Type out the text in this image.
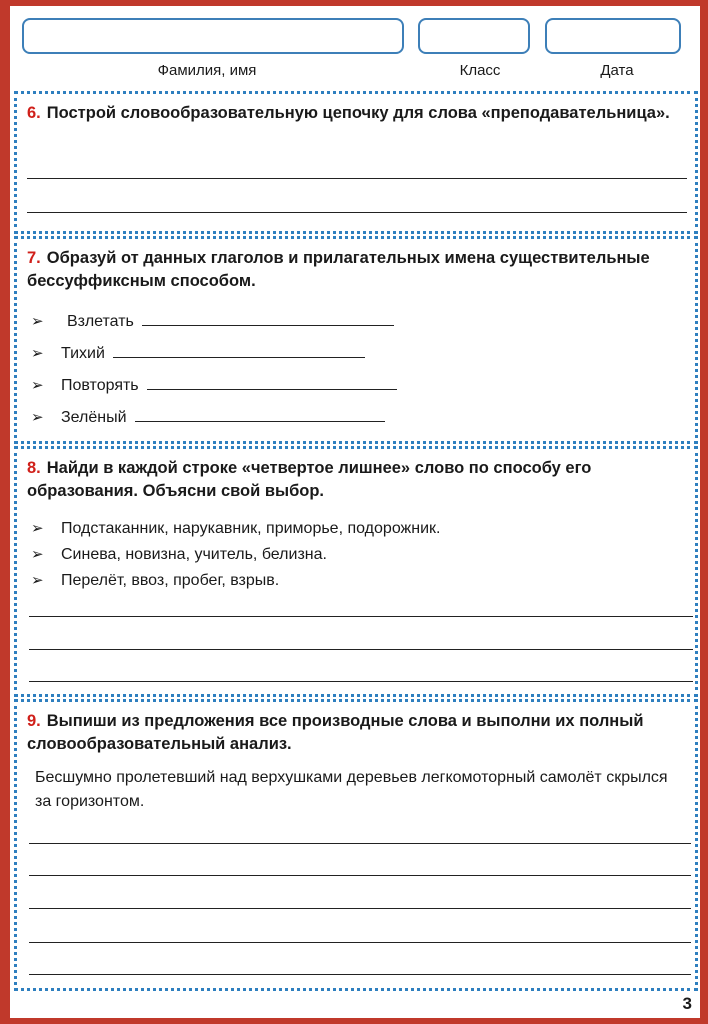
Фамилия, имя	Класс	Дата
6. Построй словообразовательную цепочку для слова «преподавательница».
7. Образуй от данных глаголов и прилагательных имена существительные бессуффиксным способом.
➢ Взлетать
➢ Тихий
➢ Повторять
➢ Зелёный
8. Найди в каждой строке «четвертое лишнее» слово по способу его образования. Объясни свой выбор.
➢ Подстаканник, нарукавник, приморье, подорожник.
➢ Синева, новизна, учитель, белизна.
➢ Перелёт, ввоз, пробег, взрыв.
9. Выпиши из предложения все производные слова и выполни их полный словообразовательный анализ.
Бесшумно пролетевший над верхушками деревьев легкомоторный самолёт скрылся за горизонтом.
3
